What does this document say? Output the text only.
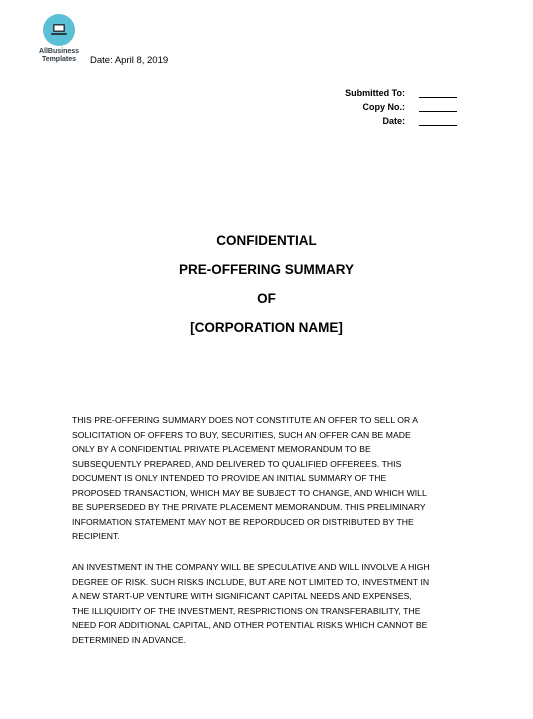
AllBusiness
Templates	Date: April 8, 2019
Submitted To:
Copy No.:
Date:
CONFIDENTIAL
PRE-OFFERING SUMMARY
OF
[CORPORATION NAME]
THIS PRE-OFFERING SUMMARY DOES NOT CONSTITUTE AN OFFER TO SELL OR A
SOLICITATION OF OFFERS TO BUY, SECURITIES, SUCH AN OFFER CAN BE MADE
ONLY BY A CONFIDENTIAL PRIVATE PLACEMENT MEMORANDUM TO BE
SUBSEQUENTLY PREPARED, AND DELIVERED TO QUALIFIED OFFEREES. THIS
DOCUMENT IS ONLY INTENDED TO PROVIDE AN INITIAL SUMMARY OF THE
PROPOSED TRANSACTION, WHICH MAY BE SUBJECT TO CHANGE, AND WHICH WILL
BE SUPERSEDED BY THE PRIVATE PLACEMENT MEMORANDUM. THIS PRELIMINARY
INFORMATION STATEMENT MAY NOT BE REPORDUCED OR DISTRIBUTED BY THE
RECIPIENT.
AN INVESTMENT IN THE COMPANY WILL BE SPECULATIVE AND WILL INVOLVE A HIGH
DEGREE OF RISK. SUCH RISKS INCLUDE, BUT ARE NOT LIMITED TO, INVESTMENT IN
A NEW START-UP VENTURE WITH SIGNIFICANT CAPITAL NEEDS AND EXPENSES,
THE ILLIQUIDITY OF THE INVESTMENT, RESPRICTIONS ON TRANSFERABILITY, THE
NEED FOR ADDITIONAL CAPITAL, AND OTHER POTENTIAL RISKS WHICH CANNOT BE
DETERMINED IN ADVANCE.
